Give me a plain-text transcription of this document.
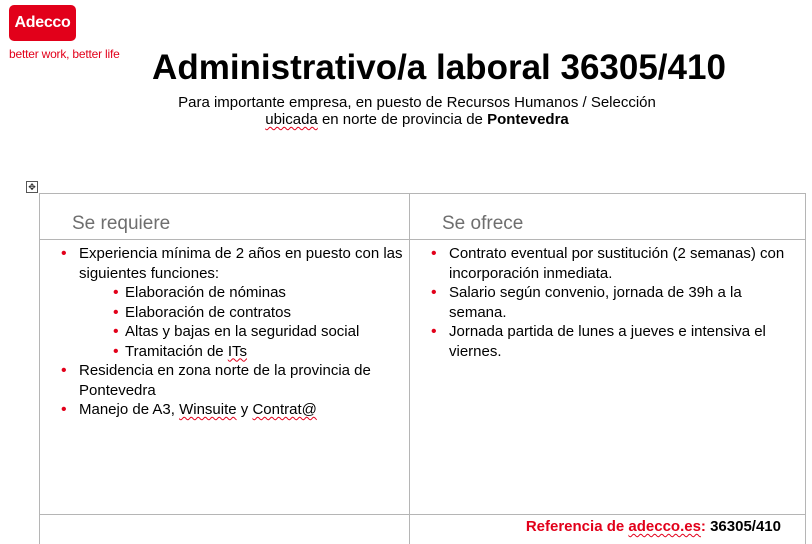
Adecco
better work, better life Administrativo/a laboral 36305/410
Para importante empresa, en puesto de Recursos Humanos / Selección
ubicada en norte de provincia de Pontevedra
✥
Se requiere	Se ofrece
• Experiencia mínima de 2 años en puesto con las siguientes funciones:
• Elaboración de nóminas
• Elaboración de contratos
• Altas y bajas en la seguridad social
• Tramitación de ITs
• Residencia en zona norte de la provincia de Pontevedra
• Manejo de A3, Winsuite y Contrat@
• Contrato eventual por sustitución (2 semanas) con incorporación inmediata.
• Salario según convenio, jornada de 39h a la semana.
• Jornada partida de lunes a jueves e intensiva el viernes.
Referencia de adecco.es: 36305/410
